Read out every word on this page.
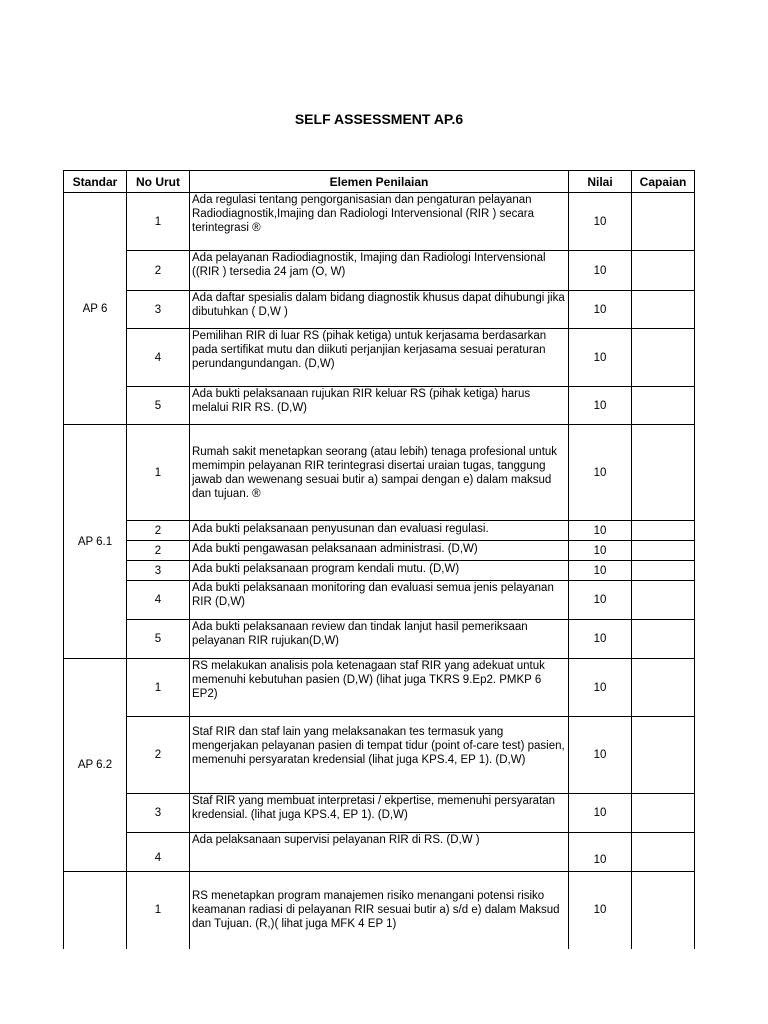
SELF ASSESSMENT AP.6
Standar	No Urut	Elemen Penilaian	Nilai	Capaian
AP 6	1	Ada regulasi tentang pengorganisasian dan pengaturan pelayanan Radiodiagnostik,Imajing dan Radiologi Intervensional (RIR ) secara terintegrasi ®	10	
	2	Ada pelayanan Radiodiagnostik, Imajing dan Radiologi Intervensional ((RIR ) tersedia 24 jam (O, W)	10	
	3	Ada daftar spesialis dalam bidang diagnostik khusus dapat dihubungi jika dibutuhkan ( D,W )	10	
	4	Pemilihan RIR di luar RS (pihak ketiga) untuk kerjasama berdasarkan pada sertifikat mutu dan diikuti perjanjian kerjasama sesuai peraturan perundangundangan. (D,W)	10	
	5	Ada bukti pelaksanaan rujukan RIR keluar RS (pihak ketiga) harus melalui RIR RS. (D,W)	10	
AP 6.1	1	Rumah sakit menetapkan seorang (atau lebih) tenaga profesional untuk memimpin pelayanan RIR terintegrasi disertai uraian tugas, tanggung jawab dan wewenang sesuai butir a) sampai dengan e) dalam maksud dan tujuan. ®	10	
	2	Ada bukti pelaksanaan penyusunan dan evaluasi regulasi.	10	
	2	Ada bukti pengawasan pelaksanaan administrasi. (D,W)	10	
	3	Ada bukti pelaksanaan program kendali mutu. (D,W)	10	
	4	Ada bukti pelaksanaan monitoring dan evaluasi semua jenis pelayanan RIR (D,W)	10	
	5	Ada bukti pelaksanaan review dan tindak lanjut hasil pemeriksaan pelayanan RIR rujukan(D,W)	10	
AP 6.2	1	RS melakukan analisis pola ketenagaan staf RIR yang adekuat untuk memenuhi kebutuhan pasien (D,W) (lihat juga TKRS 9.Ep2. PMKP 6 EP2)	10	
	2	Staf RIR dan staf lain yang melaksanakan tes termasuk yang mengerjakan pelayanan pasien di tempat tidur (point of-care test) pasien, memenuhi persyaratan kredensial (lihat juga KPS.4, EP 1). (D,W)	10	
	3	Staf RIR yang membuat interpretasi / ekpertise, memenuhi persyaratan kredensial. (lihat juga KPS.4, EP 1). (D,W)	10	
	4	Ada pelaksanaan supervisi pelayanan RIR di RS. (D,W )	10	
	1	RS menetapkan program manajemen risiko menangani potensi risiko keamanan radiasi di pelayanan RIR sesuai butir a) s/d e) dalam Maksud dan Tujuan. (R,)( lihat juga MFK 4 EP 1)	10	
